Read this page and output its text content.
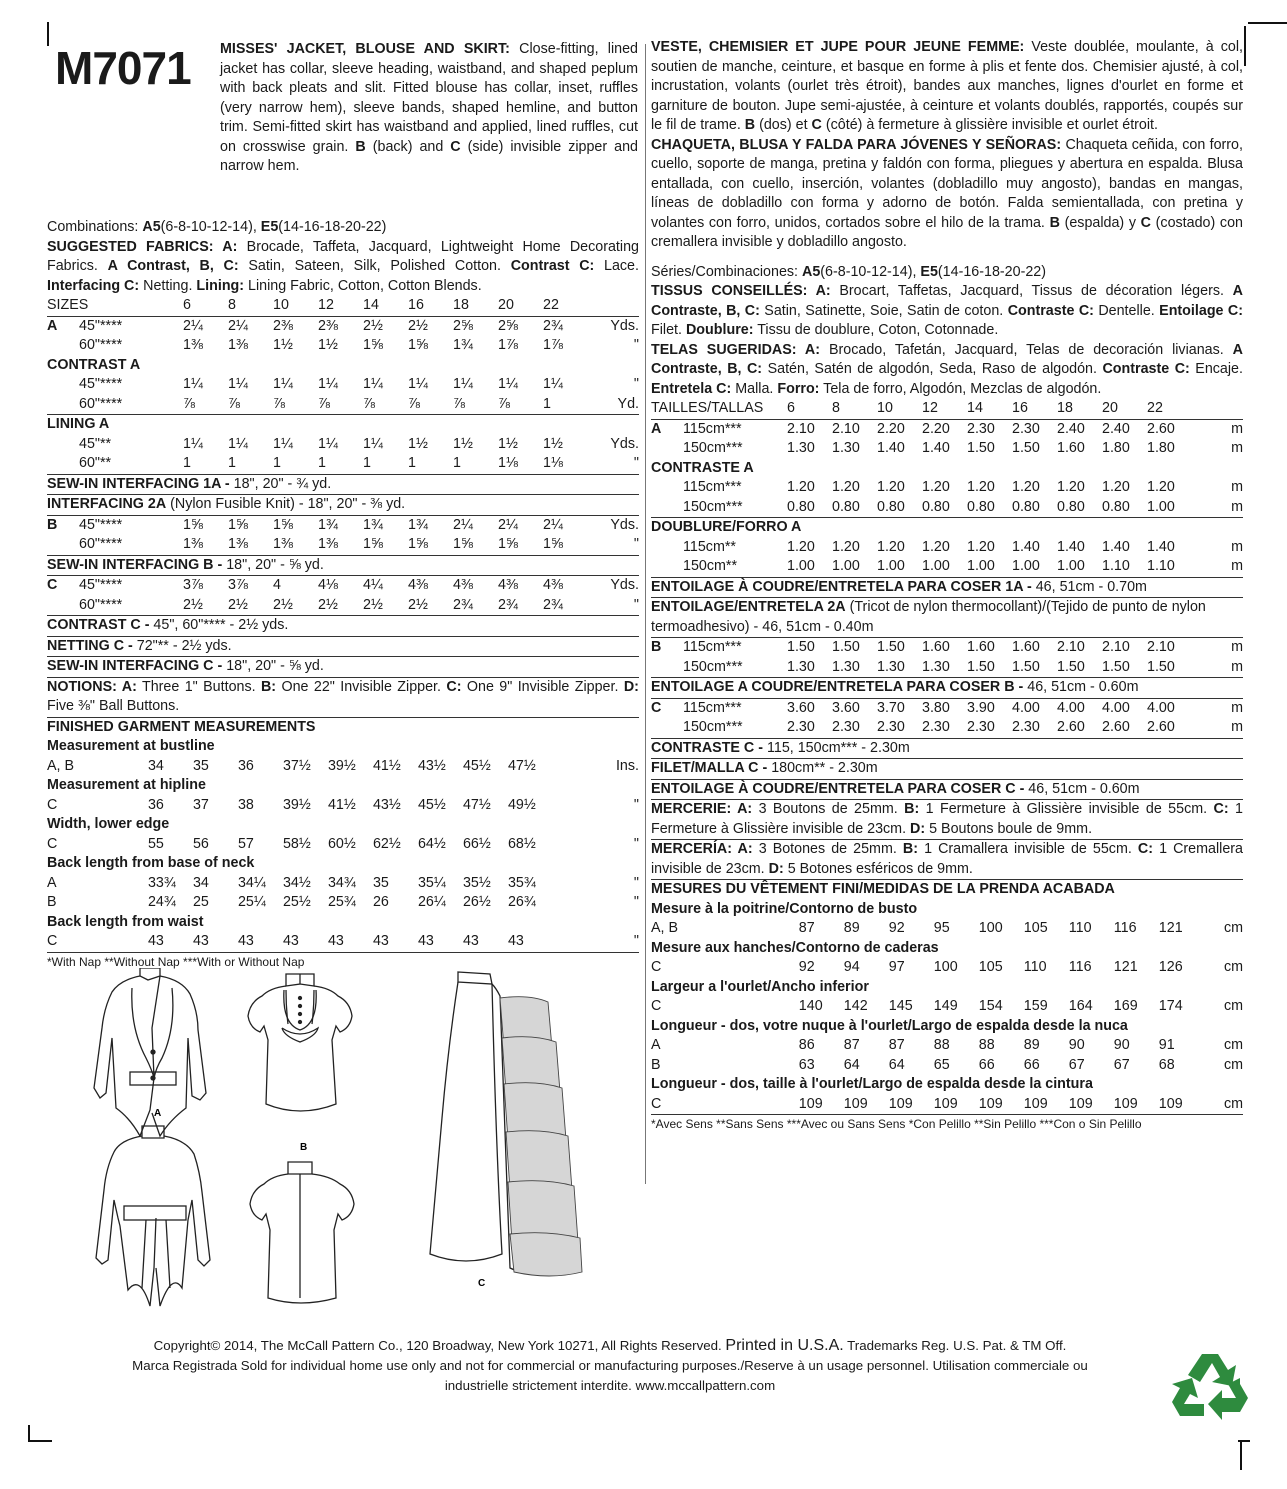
M7071 MISSES' JACKET, BLOUSE AND SKIRT: Close-fitting, lined jacket has collar, sleeve heading, waistband, and shaped peplum with back pleats and slit. Fitted blouse has collar, inset, ruffles (very narrow hem), sleeve bands, shaped hemline, and button trim. Semi-fitted skirt has waistband and applied, lined ruffles, cut on crosswise grain. B (back) and C (side) invisible zipper and narrow hem.
Combinations: A5(6-8-10-12-14), E5(14-16-18-20-22)
SUGGESTED FABRICS: A: Brocade, Taffeta, Jacquard, Lightweight Home Decorating Fabrics. A Contrast, B, C: Satin, Sateen, Silk, Polished Cotton. Contrast C: Lace. Interfacing C: Netting. Lining: Lining Fabric, Cotton, Cotton Blends.
SIZES		6	8	10	12	14	16	18	20	22	
A	45"****	2¼	2¼	2⅜	2⅜	2½	2½	2⅝	2⅝	2¾	Yds.
	60"****	1⅜	1⅜	1½	1½	1⅝	1⅝	1¾	1⅞	1⅞	"
CONTRAST A											
	45"****	1¼	1¼	1¼	1¼	1¼	1¼	1¼	1¼	1¼	"
	60"****	⅞	⅞	⅞	⅞	⅞	⅞	⅞	⅞	1	Yd.
LINING A											
	45"**	1¼	1¼	1¼	1¼	1¼	1½	1½	1½	1½	Yds.
	60"**	1	1	1	1	1	1	1	1⅛	1⅛	"
SEW-IN INTERFACING 1A - 18", 20" - ¾ yd.											
INTERFACING 2A (Nylon Fusible Knit) - 18", 20" - ⅜ yd.											
B	45"****	1⅝	1⅝	1⅝	1¾	1¾	1¾	2¼	2¼	2¼	Yds.
	60"****	1⅜	1⅜	1⅜	1⅜	1⅝	1⅝	1⅝	1⅝	1⅝	"
SEW-IN INTERFACING B - 18", 20" - ⅝ yd.											
C	45"****	3⅞	3⅞	4	4⅛	4¼	4⅜	4⅜	4⅜	4⅜	Yds.
	60"****	2½	2½	2½	2½	2½	2½	2¾	2¾	2¾	"
CONTRAST C - 45", 60"**** - 2½ yds.											
NETTING C - 72"** - 2½ yds.											
SEW-IN INTERFACING C - 18", 20" - ⅝ yd.											
NOTIONS: A: Three 1" Buttons. B: One 22" Invisible Zipper. C: One 9" Invisible Zipper. D: Five ⅜" Ball Buttons.
FINISHED GARMENT MEASUREMENTS
Measurement at bustline										
A, B	34	35	36	37½	39½	41½	43½	45½	47½	Ins.
Measurement at hipline										
C	36	37	38	39½	41½	43½	45½	47½	49½	"
Width, lower edge										
C	55	56	57	58½	60½	62½	64½	66½	68½	"
Back length from base of neck										
A	33¾	34	34¼	34½	34¾	35	35¼	35½	35¾	"
B	24¾	25	25¼	25½	25¾	26	26¼	26½	26¾	"
Back length from waist										
C	43	43	43	43	43	43	43	43	43	"
*With Nap **Without Nap ***With or Without Nap
A
B
C
VESTE, CHEMISIER ET JUPE POUR JEUNE FEMME: Veste doublée, moulante, à col, soutien de manche, ceinture, et basque en forme à plis et fente dos. Chemisier ajusté, à col, incrustation, volants (ourlet très étroit), bandes aux manches, lignes d'ourlet en forme et garniture de bouton. Jupe semi-ajustée, à ceinture et volants doublés, rapportés, coupés sur le fil de trame. B (dos) et C (côté) à fermeture à glissière invisible et ourlet étroit.
CHAQUETA, BLUSA Y FALDA PARA JÓVENES Y SEÑORAS: Chaqueta ceñida, con forro, cuello, soporte de manga, pretina y faldón con forma, pliegues y abertura en espalda. Blusa entallada, con cuello, inserción, volantes (dobladillo muy angosto), bandas en mangas, líneas de dobladillo con forma y adorno de botón. Falda semientallada, con pretina y volantes con forro, unidos, cortados sobre el hilo de la trama. B (espalda) y C (costado) con cremallera invisible y dobladillo angosto.
Séries/Combinaciones: A5(6-8-10-12-14), E5(14-16-18-20-22)
TISSUS CONSEILLÉS: A: Brocart, Taffetas, Jacquard, Tissus de décoration légers. A Contraste, B, C: Satin, Satinette, Soie, Satin de coton. Contraste C: Dentelle. Entoilage C: Filet. Doublure: Tissu de doublure, Coton, Cotonnade.
TELAS SUGERIDAS: A: Brocado, Tafetán, Jacquard, Telas de decoración livianas. A Contraste, B, C: Satén, Satén de algodón, Seda, Raso de algodón. Contraste C: Encaje. Entretela C: Malla. Forro: Tela de forro, Algodón, Mezclas de algodón.
TAILLES/TALLAS		6	8	10	12	14	16	18	20	22	
A	115cm***	2.10	2.10	2.20	2.20	2.30	2.30	2.40	2.40	2.60	m
	150cm***	1.30	1.30	1.40	1.40	1.50	1.50	1.60	1.80	1.80	m
CONTRASTE A											
	115cm***	1.20	1.20	1.20	1.20	1.20	1.20	1.20	1.20	1.20	m
	150cm***	0.80	0.80	0.80	0.80	0.80	0.80	0.80	0.80	1.00	m
DOUBLURE/FORRO A											
	115cm**	1.20	1.20	1.20	1.20	1.20	1.40	1.40	1.40	1.40	m
	150cm**	1.00	1.00	1.00	1.00	1.00	1.00	1.00	1.10	1.10	m
ENTOILAGE À COUDRE/ENTRETELA PARA COSER 1A - 46, 51cm - 0.70m											
ENTOILAGE/ENTRETELA 2A (Tricot de nylon thermocollant)/(Tejido de punto de nylon termoadhesivo) - 46, 51cm - 0.40m											
B	115cm***	1.50	1.50	1.50	1.60	1.60	1.60	2.10	2.10	2.10	m
	150cm***	1.30	1.30	1.30	1.30	1.50	1.50	1.50	1.50	1.50	m
ENTOILAGE A COUDRE/ENTRETELA PARA COSER B - 46, 51cm - 0.60m											
C	115cm***	3.60	3.60	3.70	3.80	3.90	4.00	4.00	4.00	4.00	m
	150cm***	2.30	2.30	2.30	2.30	2.30	2.30	2.60	2.60	2.60	m
CONTRASTE C - 115, 150cm*** - 2.30m											
FILET/MALLA C - 180cm** - 2.30m											
ENTOILAGE À COUDRE/ENTRETELA PARA COSER C - 46, 51cm - 0.60m											
MERCERIE: A: 3 Boutons de 25mm. B: 1 Fermeture à Glissière invisible de 55cm. C: 1 Fermeture à Glissière invisible de 23cm. D: 5 Boutons boule de 9mm.
MERCERÍA: A: 3 Botones de 25mm. B: 1 Cramallera invisible de 55cm. C: 1 Cremallera invisible de 23cm. D: 5 Botones esféricos de 9mm.
MESURES DU VÊTEMENT FINI/MEDIDAS DE LA PRENDA ACABADA
Mesure à la poitrine/Contorno de busto										
A, B	87	89	92	95	100	105	110	116	121	cm
Mesure aux hanches/Contorno de caderas										
C	92	94	97	100	105	110	116	121	126	cm
Largeur a l'ourlet/Ancho inferior										
C	140	142	145	149	154	159	164	169	174	cm
Longueur - dos, votre nuque à l'ourlet/Largo de espalda desde la nuca										
A	86	87	87	88	88	89	90	90	91	cm
B	63	64	64	65	66	66	67	67	68	cm
Longueur - dos, taille à l'ourlet/Largo de espalda desde la cintura										
C	109	109	109	109	109	109	109	109	109	cm
*Avec Sens **Sans Sens ***Avec ou Sans Sens *Con Pelillo **Sin Pelillo ***Con o Sin Pelillo
Copyright© 2014, The McCall Pattern Co., 120 Broadway, New York 10271, All Rights Reserved. Printed in U.S.A. Trademarks Reg. U.S. Pat. & TM Off.
Marca Registrada Sold for individual home use only and not for commercial or manufacturing purposes./Reserve à un usage personnel. Utilisation commerciale ou
industrielle strictement interdite. www.mccallpattern.com
